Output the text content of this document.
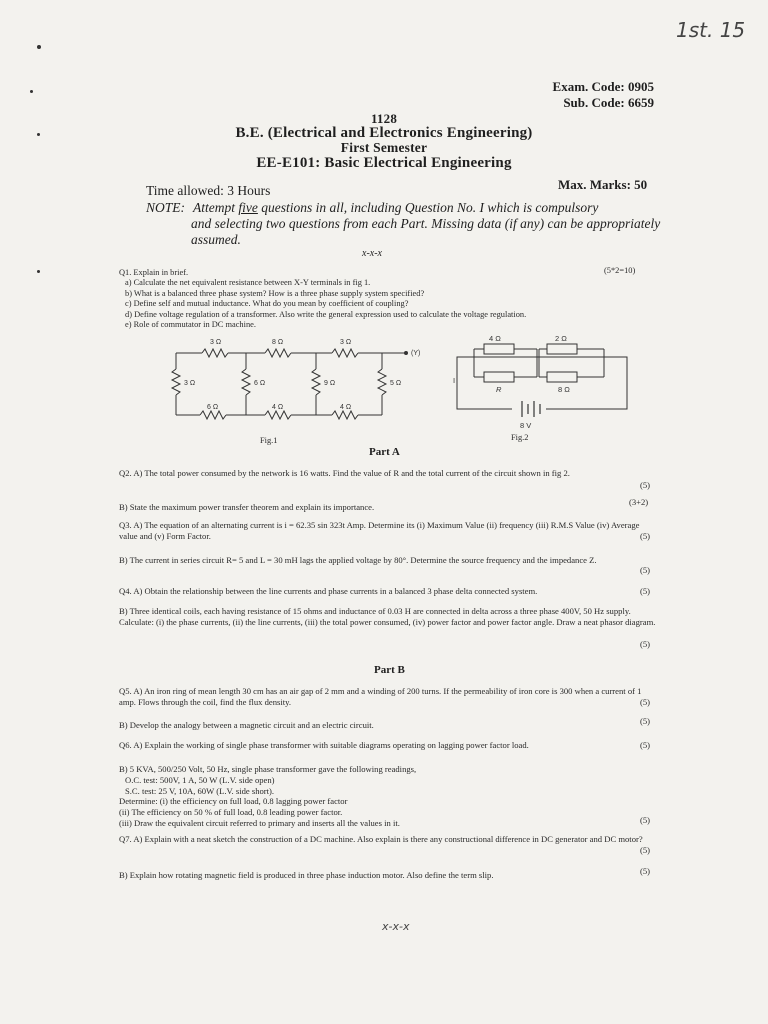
1st. 15
Exam. Code: 0905
Sub. Code: 6659
1128
B.E. (Electrical and Electronics Engineering)
First Semester
EE-E101: Basic Electrical Engineering
Time allowed: 3 Hours	Max. Marks: 50
NOTE: Attempt five questions in all, including Question No. I which is compulsory
and selecting two questions from each Part. Missing data (if any) can be appropriately
assumed.
x-x-x
Q1. Explain in brief.	(5*2=10)
a) Calculate the net equivalent resistance between X-Y terminals in fig 1.
b) What is a balanced three phase system? How is a three phase supply system specified?
c) Define self and mutual inductance. What do you mean by coefficient of coupling?
d) Define voltage regulation of a transformer. Also write the general expression used to calculate the voltage regulation.
e) Role of commutator in DC machine.
3 Ω	8 Ω	3 Ω
3 Ω	6 Ω	9 Ω	5 Ω
6 Ω	4 Ω	4 Ω
(Y)
Fig.1
4 Ω	2 Ω
R	8 Ω
I
8 V
Fig.2
Part A
Q2. A) The total power consumed by the network is 16 watts. Find the value of R and the total current of the circuit shown in fig 2.
(5)
B) State the maximum power transfer theorem and explain its importance.	(3+2)
Q3. A) The equation of an alternating current is i = 62.35 sin 323t Amp. Determine its (i) Maximum Value (ii) frequency (iii) R.M.S Value (iv) Average value and (v) Form Factor.	(5)
B) The current in series circuit R= 5 and L = 30 mH lags the applied voltage by 80°. Determine the source frequency and the impedance Z.
(5)
Q4. A) Obtain the relationship between the line currents and phase currents in a balanced 3 phase delta connected system.	(5)
B) Three identical coils, each having resistance of 15 ohms and inductance of 0.03 H are connected in delta across a three phase 400V, 50 Hz supply. Calculate: (i) the phase currents, (ii) the line currents, (iii) the total power consumed, (iv) power factor and power factor angle. Draw a neat phasor diagram.
(5)
Part B
Q5. A) An iron ring of mean length 30 cm has an air gap of 2 mm and a winding of 200 turns. If the permeability of iron core is 300 when a current of 1 amp. Flows through the coil, find the flux density.	(5)
B) Develop the analogy between a magnetic circuit and an electric circuit.	(5)
Q6. A) Explain the working of single phase transformer with suitable diagrams operating on lagging power factor load.	(5)
B) 5 KVA, 500/250 Volt, 50 Hz, single phase transformer gave the following readings,
O.C. test: 500V, 1 A, 50 W (L.V. side open)
S.C. test: 25 V, 10A, 60W (L.V. side short).
Determine: (i) the efficiency on full load, 0.8 lagging power factor
(ii) The efficiency on 50 % of full load, 0.8 leading power factor.
(iii) Draw the equivalent circuit referred to primary and inserts all the values in it.	(5)
Q7. A) Explain with a neat sketch the construction of a DC machine. Also explain is there any constructional difference in DC generator and DC motor?
(5)
B) Explain how rotating magnetic field is produced in three phase induction motor. Also define the term slip.	(5)
x-x-x
